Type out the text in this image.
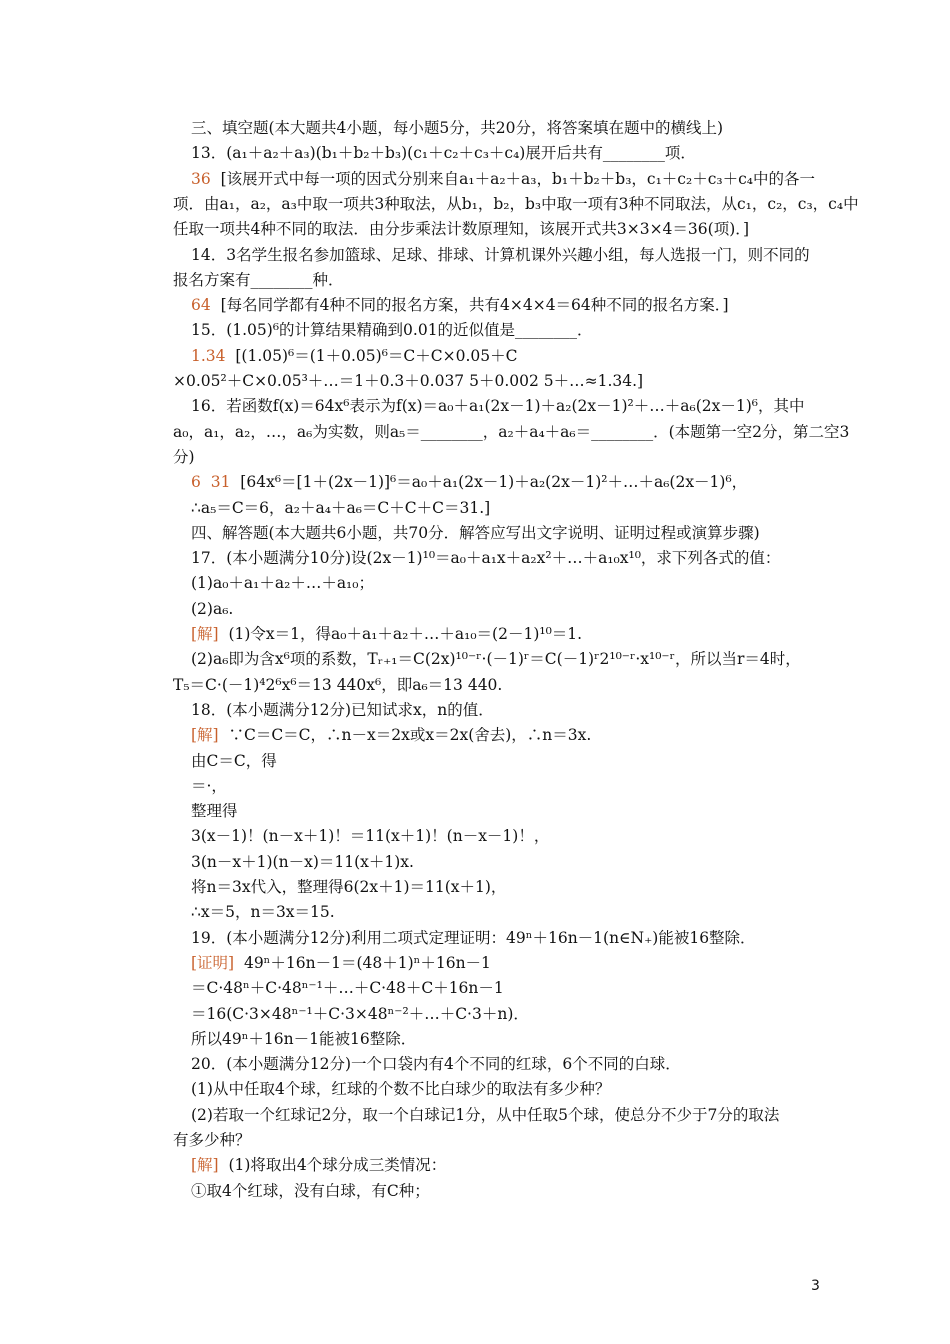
三、填空题(本大题共4小题，每小题5分，共20分，将答案填在题中的横线上)
13．(a₁＋a₂＋a₃)(b₁＋b₂＋b₃)(c₁＋c₂＋c₃＋c₄)展开后共有________项．
36  [该展开式中每一项的因式分别来自a₁＋a₂＋a₃，b₁＋b₂＋b₃，c₁＋c₂＋c₃＋c₄中的各一
项．由a₁，a₂，a₃中取一项共3种取法，从b₁，b₂，b₃中取一项有3种不同取法，从c₁，c₂，c₃，c₄中
任取一项共4种不同的取法．由分步乘法计数原理知，该展开式共3×3×4＝36(项)．]
14．3名学生报名参加篮球、足球、排球、计算机课外兴趣小组，每人选报一门，则不同的
报名方案有________种．
64  [每名同学都有4种不同的报名方案，共有4×4×4＝64种不同的报名方案．]
15．(1.05)⁶的计算结果精确到0.01的近似值是________．
1.34  [(1.05)⁶＝(1＋0.05)⁶＝C＋C×0.05＋C
×0.05²＋C×0.05³＋…＝1＋0.3＋0.037 5＋0.002 5＋…≈1.34.]
16．若函数f(x)＝64x⁶表示为f(x)＝a₀＋a₁(2x－1)＋a₂(2x－1)²＋…＋a₆(2x－1)⁶，其中
a₀，a₁，a₂，…，a₆为实数，则a₅＝________，a₂＋a₄＋a₆＝________．(本题第一空2分，第二空3
分)
6  31  [64x⁶＝[1＋(2x－1)]⁶＝a₀＋a₁(2x－1)＋a₂(2x－1)²＋…＋a₆(2x－1)⁶，
∴a₅＝C＝6，a₂＋a₄＋a₆＝C＋C＋C＝31.]
四、解答题(本大题共6小题，共70分．解答应写出文字说明、证明过程或演算步骤)
17．(本小题满分10分)设(2x－1)¹⁰＝a₀＋a₁x＋a₂x²＋…＋a₁₀x¹⁰，求下列各式的值：
(1)a₀＋a₁＋a₂＋…＋a₁₀；
(2)a₆.
[解]  (1)令x＝1，得a₀＋a₁＋a₂＋…＋a₁₀＝(2－1)¹⁰＝1.
(2)a₆即为含x⁶项的系数，Tᵣ₊₁＝C(2x)¹⁰⁻ʳ·(－1)ʳ＝C(－1)ʳ2¹⁰⁻ʳ·x¹⁰⁻ʳ，所以当r＝4时，
T₅＝C·(－1)⁴2⁶x⁶＝13 440x⁶，即a₆＝13 440.
18．(本小题满分12分)已知试求x，n的值．
[解]  ∵C＝C＝C，∴n－x＝2x或x＝2x(舍去)，∴n＝3x.
由C＝C，得
＝·，
整理得
3(x－1)！(n－x＋1)！＝11(x＋1)！(n－x－1)！，
3(n－x＋1)(n－x)＝11(x＋1)x.
将n＝3x代入，整理得6(2x＋1)＝11(x＋1)，
∴x＝5，n＝3x＝15.
19．(本小题满分12分)利用二项式定理证明：49ⁿ＋16n－1(n∈N₊)能被16整除．
[证明]  49ⁿ＋16n－1＝(48＋1)ⁿ＋16n－1
＝C·48ⁿ＋C·48ⁿ⁻¹＋…＋C·48＋C＋16n－1
＝16(C·3×48ⁿ⁻¹＋C·3×48ⁿ⁻²＋…＋C·3＋n)．
所以49ⁿ＋16n－1能被16整除．
20．(本小题满分12分)一个口袋内有4个不同的红球，6个不同的白球．
(1)从中任取4个球，红球的个数不比白球少的取法有多少种？
(2)若取一个红球记2分，取一个白球记1分，从中任取5个球，使总分不少于7分的取法
有多少种？
[解]  (1)将取出4个球分成三类情况：
①取4个红球，没有白球，有C种；
3
